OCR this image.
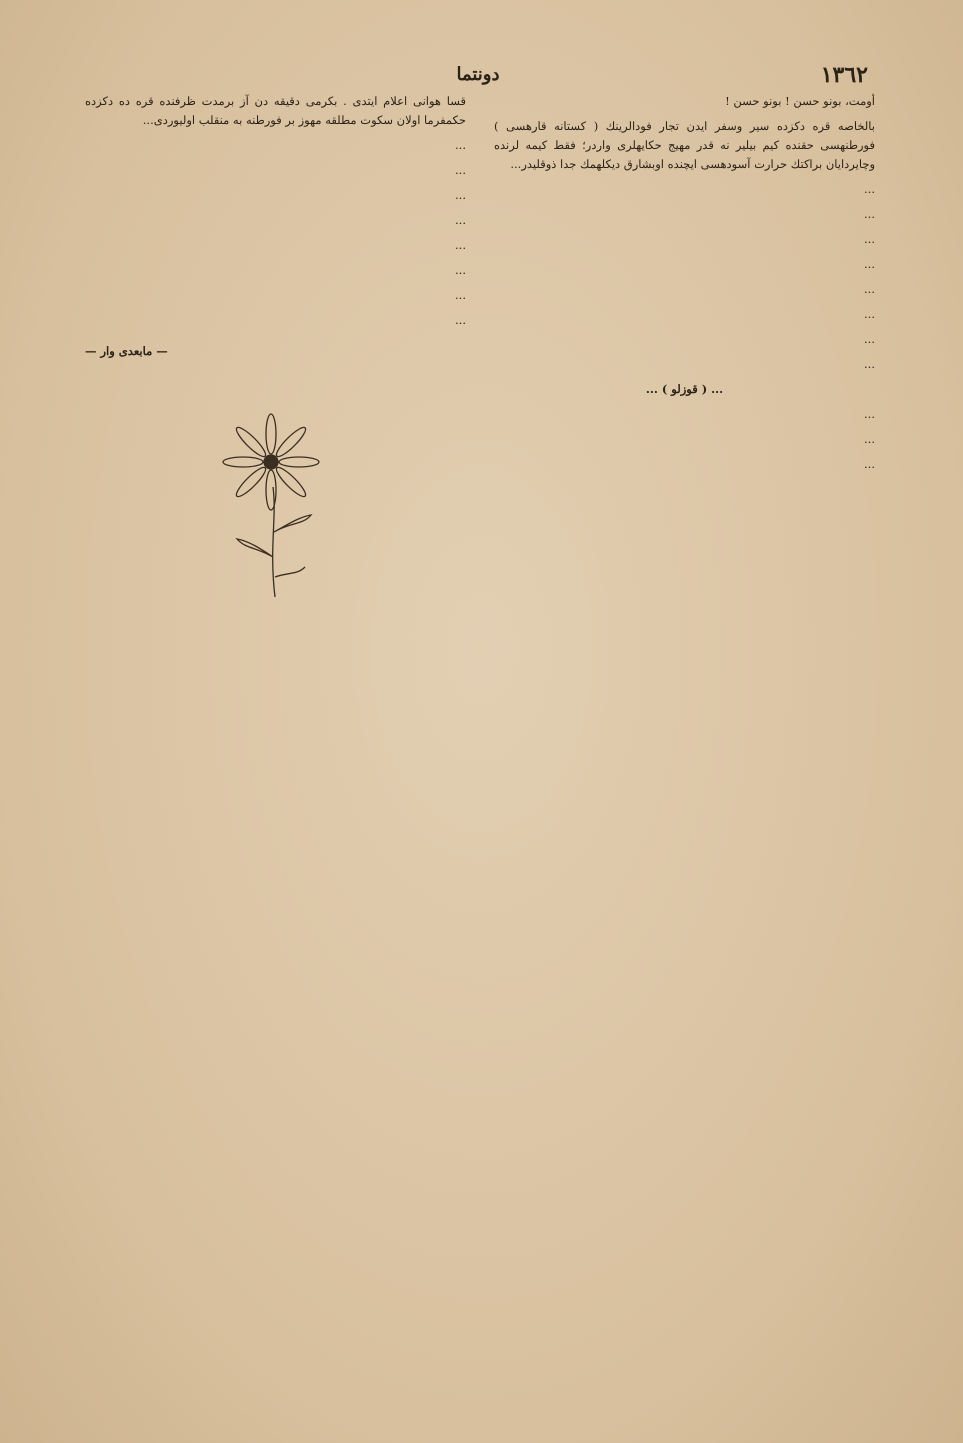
١٣٦٢
دونتما

أومت، بونو حسن ! بونو حسن !

بالخاصه قره دکزده سیر وسفر ایدن تجار فودالرینك ( کستانه قارهسی ) فورطنهسی حقنده کیم بیلیر نه قدر مهیج حکایهلری واردر؛ فقط کیمه لرنده وچایردایان براکتك حرارت آسودهسی ایچنده اوبشارق دیکلهمك جدا ذوقلیدر...

...

...

...

...

...

...

...

...

... ( قوزلو ) ...

...

...

...

قسا هوانی اعلام ایتدی . بکرمی دقیقه دن آز برمدت ظرفنده قره ده دکزده حکمفرما اولان سکوت مطلقه مهوز بر فورطنه به منقلب اولیوردی...

...

...

...

...

...

...

...

...

— مابعدی وار —
